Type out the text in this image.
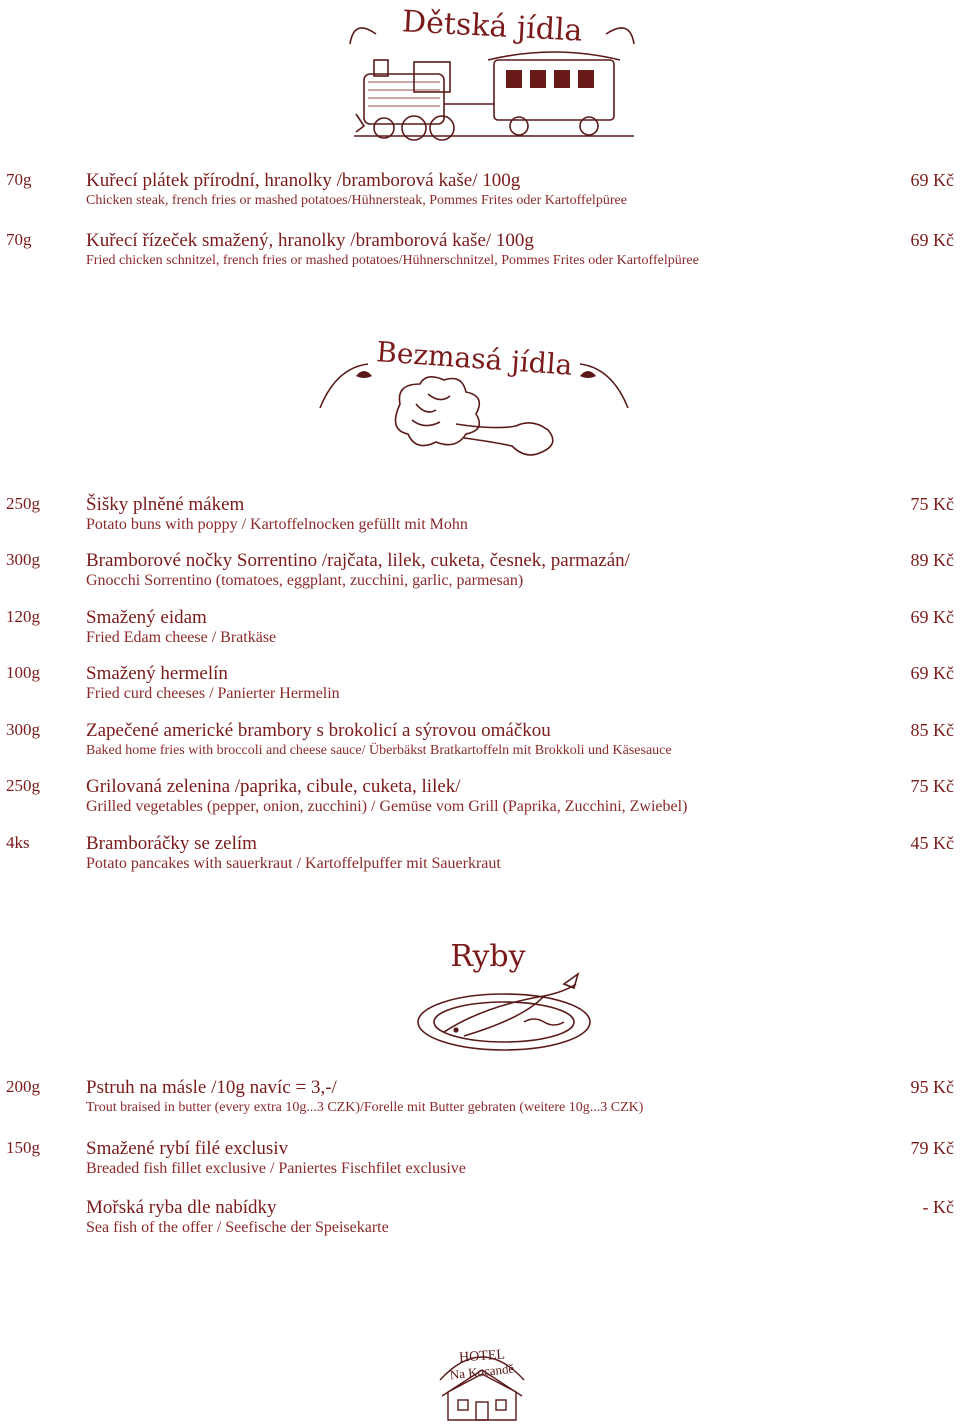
Dětská jídla
70g	Kuřecí plátek přírodní, hranolky /bramborová kaše/ 100g
Chicken steak, french fries or mashed potatoes/Hühnersteak, Pommes Frites oder Kartoffelpüree
69 Kč
70g	Kuřecí řízeček smažený, hranolky /bramborová kaše/ 100g
Fried chicken schnitzel, french fries or mashed potatoes/Hühnerschnitzel, Pommes Frites oder Kartoffelpüree
69 Kč
Bezmasá jídla
250g Šišky plněné mákem
Potato buns with poppy / Kartoffelnocken gefüllt mit Mohn
75 Kč
300g Bramborové nočky Sorrentino /rajčata, lilek, cuketa, česnek, parmazán/
Gnocchi Sorrentino (tomatoes, eggplant, zucchini, garlic, parmesan)
89 Kč
120g Smažený eidam
Fried Edam cheese / Bratkäse
69 Kč
100g Smažený hermelín
Fried curd cheeses / Panierter Hermelin
69 Kč
300g Zapečené americké brambory s brokolicí a sýrovou omáčkou
Baked home fries with broccoli and cheese sauce/ Überbäkst Bratkartoffeln mit Brokkoli und Käsesauce
85 Kč
250g Grilovaná zelenina /paprika, cibule, cuketa, lilek/
Grilled vegetables (pepper, onion, zucchini) / Gemüse vom Grill (Paprika, Zucchini, Zwiebel)
75 Kč
4ks	Bramboráčky se zelím
Potato pancakes with sauerkraut / Kartoffelpuffer mit Sauerkraut
45 Kč
Ryby
200g Pstruh na másle /10g navíc = 3,-/
Trout braised in butter (every extra 10g...3 CZK)/Forelle mit Butter gebraten (weitere 10g...3 CZK)
95 Kč
150g Smažené rybí filé exclusiv
Breaded fish fillet exclusive / Paniertes Fischfilet exclusive
79 Kč
Mořská ryba dle nabídky
Sea fish of the offer / Seefische der Speisekarte
- Kč
HOTEL
Na Kocandě
